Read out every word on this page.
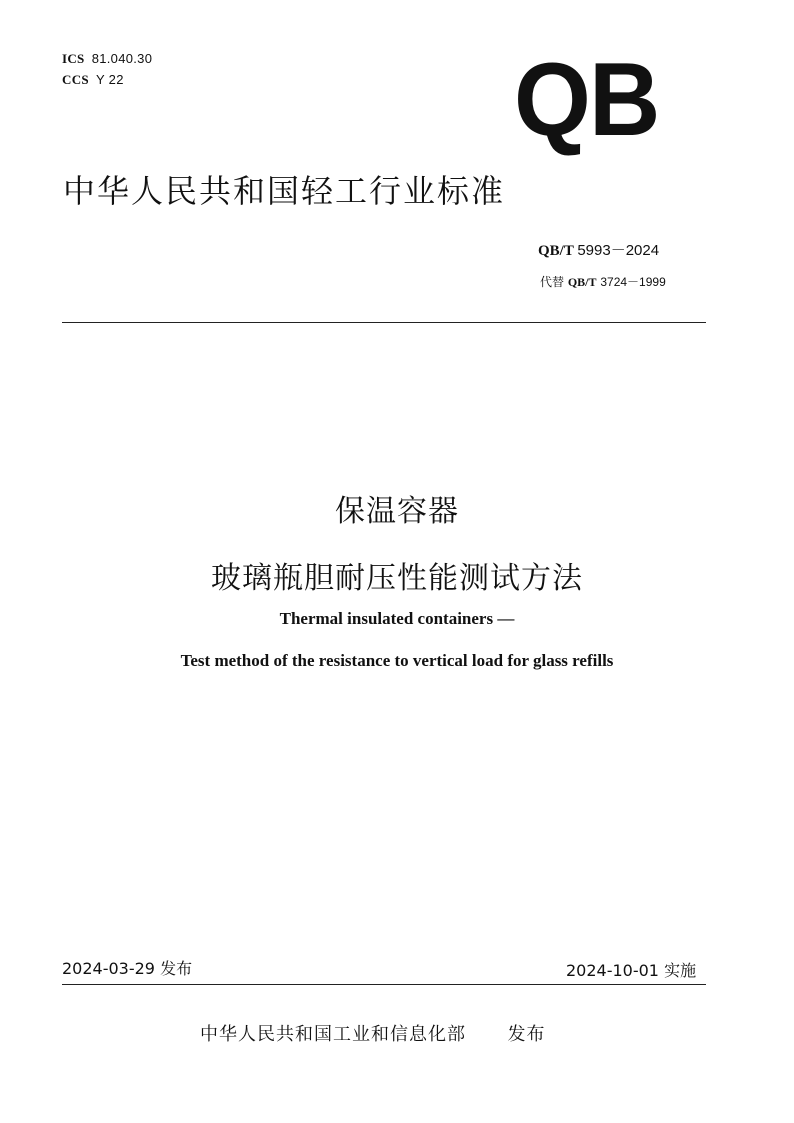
ICS 81.040.30
CCS Y 22	QB
中华人民共和国轻工行业标准
QB/T 5993－2024
代替 QB/T 3724－1999
保温容器
玻璃瓶胆耐压性能测试方法
Thermal insulated containers —
Test method of the resistance to vertical load for glass refills
2024-03-29 发布	2024-10-01 实施
中华人民共和国工业和信息化部 发布
